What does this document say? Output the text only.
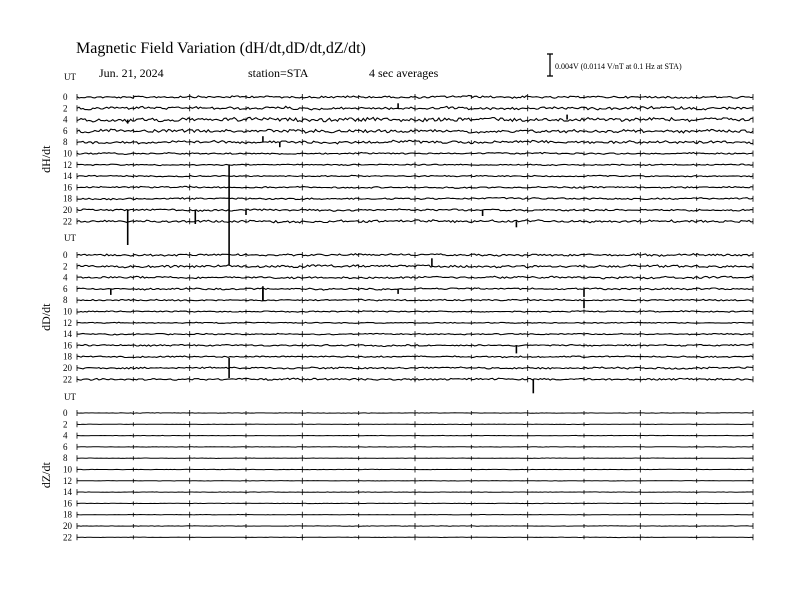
Magnetic Field Variation (dH/dt,dD/dt,dZ/dt)
Jun. 21, 2024	station=STA	4 sec averages	0.004V (0.0114 V/nT at 0.1 Hz at STA)
UT
dH/dt
0
2
4
6
8
10
12
14
16
18
20
22
UT
dD/dt
0
2
4
6
8
10
12
14
16
18
20
22
UT
dZ/dt
0
2
4
6
8
10
12
14
16
18
20
22
